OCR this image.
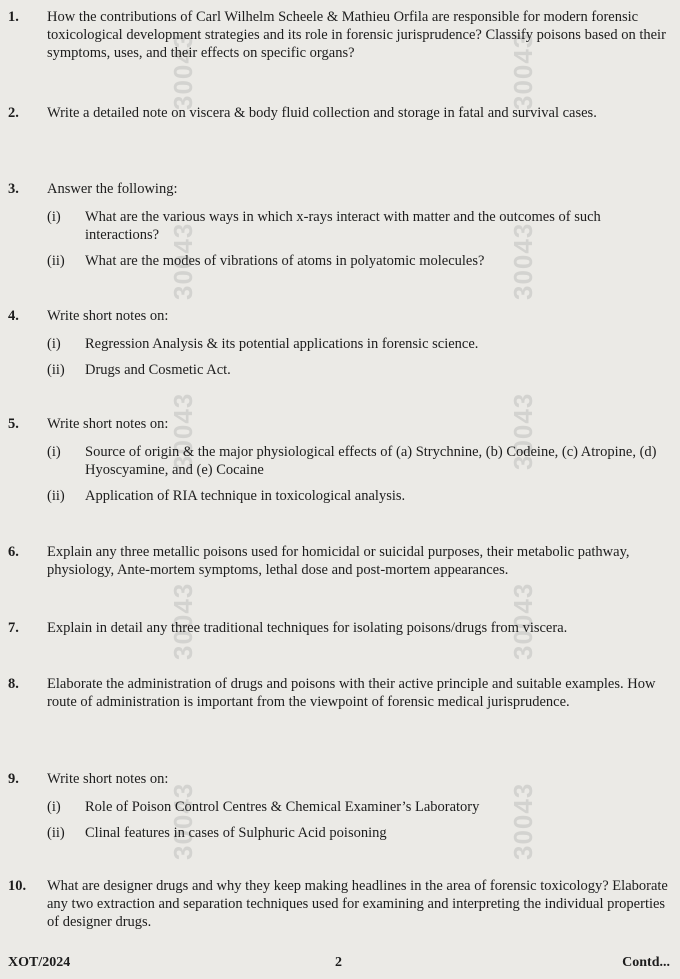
30043	30043
30043	30043
30043	30043
30043	30043
30043	30043
1.	How the contributions of Carl Wilhelm Scheele & Mathieu Orfila are responsible for modern forensic toxicological development strategies and its role in forensic jurisprudence? Classify poisons based on their symptoms, uses, and their effects on specific organs?
2.	Write a detailed note on viscera & body fluid collection and storage in fatal and survival cases.
3.	Answer the following:
(i) What are the various ways in which x-rays interact with matter and the outcomes of such interactions?
(ii) What are the modes of vibrations of atoms in polyatomic molecules?
4.	Write short notes on:
(i) Regression Analysis & its potential applications in forensic science.
(ii) Drugs and Cosmetic Act.
5.	Write short notes on:
(i) Source of origin & the major physiological effects of (a) Strychnine, (b) Codeine, (c) Atropine, (d) Hyoscyamine, and (e) Cocaine
(ii) Application of RIA technique in toxicological analysis.
6.	Explain any three metallic poisons used for homicidal or suicidal purposes, their metabolic pathway, physiology, Ante-mortem symptoms, lethal dose and post-mortem appearances.
7.	Explain in detail any three traditional techniques for isolating poisons/drugs from viscera.
8.	Elaborate the administration of drugs and poisons with their active principle and suitable examples. How route of administration is important from the viewpoint of forensic medical jurisprudence.
9.	Write short notes on:
(i) Role of Poison Control Centres & Chemical Examiner’s Laboratory
(ii) Clinal features in cases of Sulphuric Acid poisoning
10.	What are designer drugs and why they keep making headlines in the area of forensic toxicology? Elaborate any two extraction and separation techniques used for examining and interpreting the individual properties of designer drugs.
XOT/2024	2	Contd...
